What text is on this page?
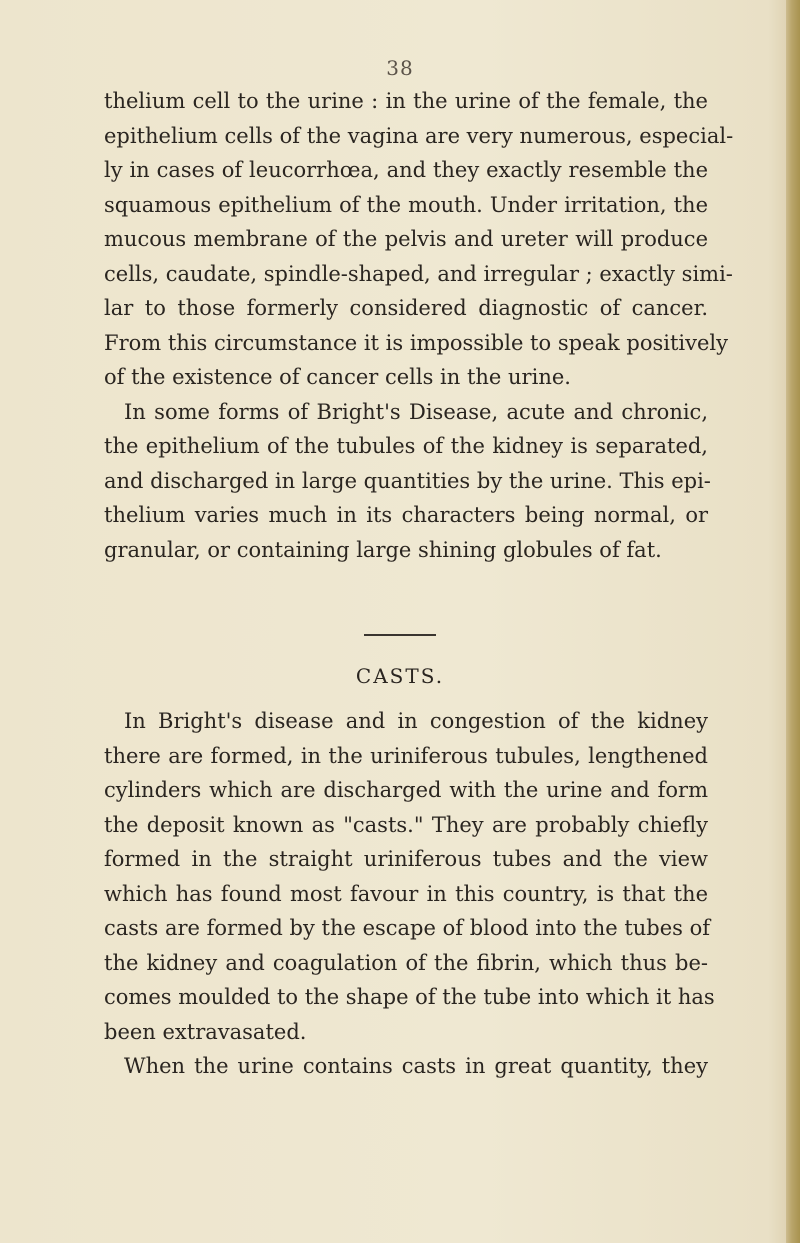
38
thelium cell to the urine : in the urine of the female, the
epithelium cells of the vagina are very numerous, especial-
ly in cases of leucorrhœa, and they exactly resemble the
squamous epithelium of the mouth. Under irritation, the
mucous membrane of the pelvis and ureter will produce
cells, caudate, spindle-shaped, and irregular ; exactly simi-
lar to those formerly considered diagnostic of cancer.
From this circumstance it is impossible to speak positively
of the existence of cancer cells in the urine.
In some forms of Bright's Disease, acute and chronic,
the epithelium of the tubules of the kidney is separated,
and discharged in large quantities by the urine. This epi-
thelium varies much in its characters being normal, or
granular, or containing large shining globules of fat.
CASTS.
In Bright's disease and in congestion of the kidney
there are formed, in the uriniferous tubules, lengthened
cylinders which are discharged with the urine and form
the deposit known as "casts." They are probably chiefly
formed in the straight uriniferous tubes and the view
which has found most favour in this country, is that the
casts are formed by the escape of blood into the tubes of
the kidney and coagulation of the fibrin, which thus be-
comes moulded to the shape of the tube into which it has
been extravasated.
When the urine contains casts in great quantity, they
